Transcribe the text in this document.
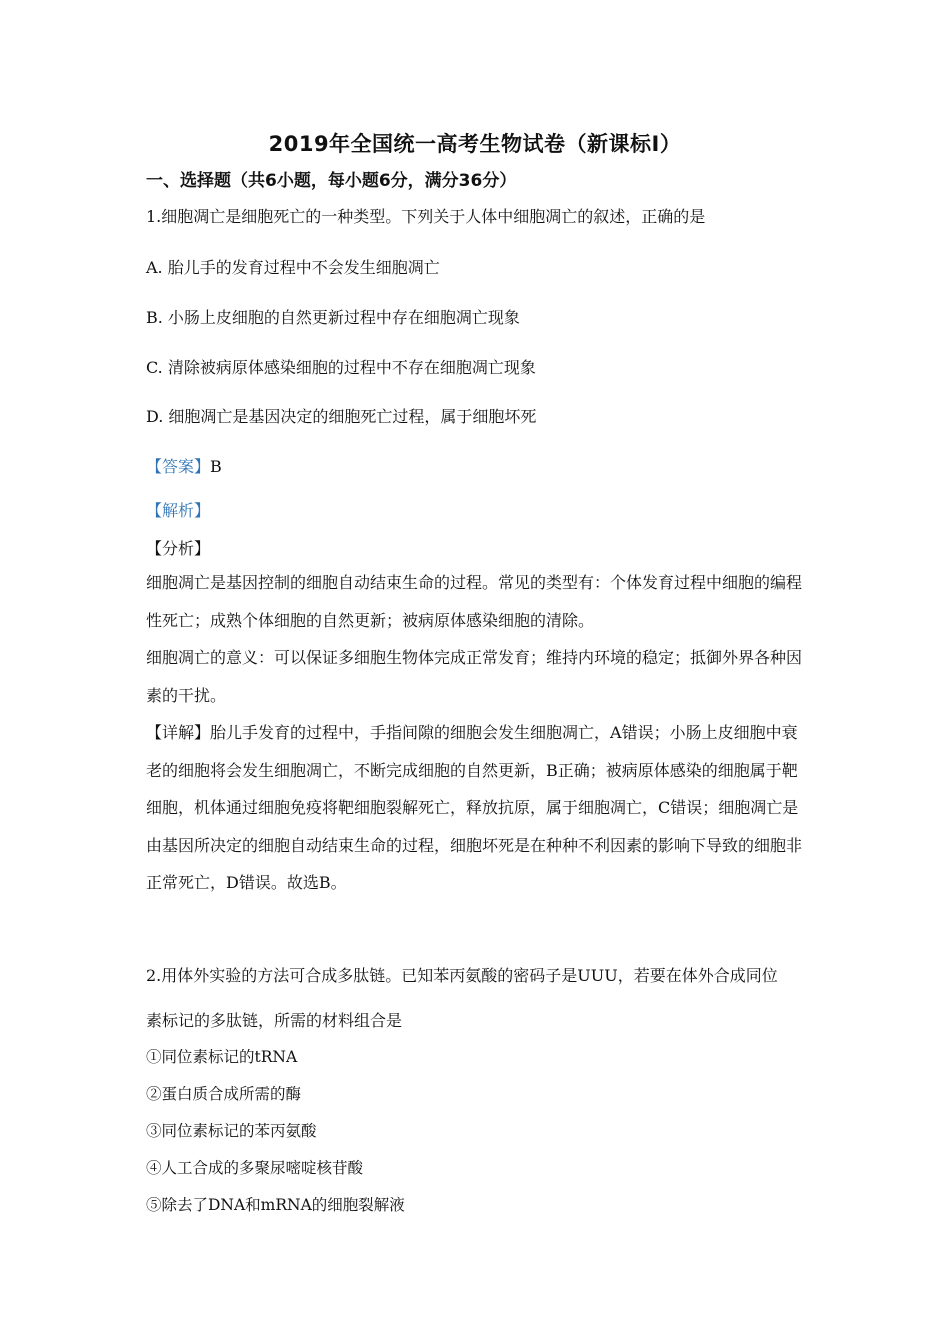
2019年全国统一高考生物试卷（新课标Ⅰ）
一、选择题（共6小题，每小题6分，满分36分）
1.细胞凋亡是细胞死亡的一种类型。下列关于人体中细胞凋亡的叙述，正确的是
A. 胎儿手的发育过程中不会发生细胞凋亡
B. 小肠上皮细胞的自然更新过程中存在细胞凋亡现象
C. 清除被病原体感染细胞的过程中不存在细胞凋亡现象
D. 细胞凋亡是基因决定的细胞死亡过程，属于细胞坏死
【答案】B
【解析】
【分析】
细胞凋亡是基因控制的细胞自动结束生命的过程。常见的类型有：个体发育过程中细胞的编程性死亡；成熟个体细胞的自然更新；被病原体感染细胞的清除。
细胞凋亡的意义：可以保证多细胞生物体完成正常发育；维持内环境的稳定；抵御外界各种因素的干扰。
【详解】胎儿手发育的过程中，手指间隙的细胞会发生细胞凋亡，A错误；小肠上皮细胞中衰老的细胞将会发生细胞凋亡，不断完成细胞的自然更新，B正确；被病原体感染的细胞属于靶细胞，机体通过细胞免疫将靶细胞裂解死亡，释放抗原，属于细胞凋亡，C错误；细胞凋亡是由基因所决定的细胞自动结束生命的过程，细胞坏死是在种种不利因素的影响下导致的细胞非正常死亡，D错误。故选B。
2.用体外实验的方法可合成多肽链。已知苯丙氨酸的密码子是UUU，若要在体外合成同位
素标记的多肽链，所需的材料组合是
①同位素标记的tRNA
②蛋白质合成所需的酶
③同位素标记的苯丙氨酸
④人工合成的多聚尿嘧啶核苷酸
⑤除去了DNA和mRNA的细胞裂解液
